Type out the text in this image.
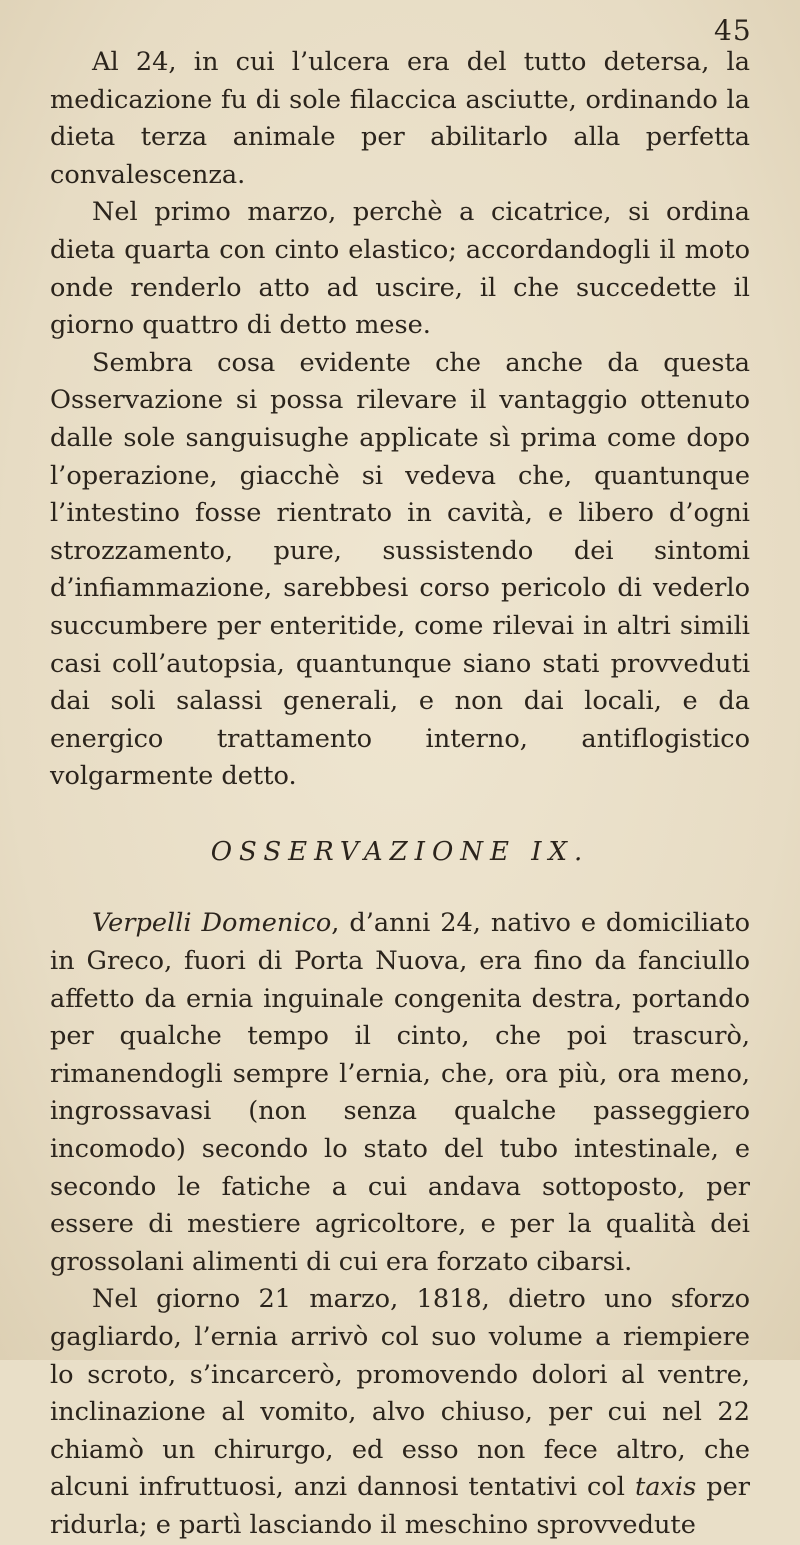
45

Al 24, in cui l’ulcera era del tutto detersa, la medicazione fu di sole filaccica asciutte, ordinando la dieta terza animale per abilitarlo alla perfetta convalescenza.

Nel primo marzo, perchè a cicatrice, si ordina dieta quarta con cinto elastico; accordandogli il moto onde renderlo atto ad uscire, il che succedette il giorno quattro di detto mese.

Sembra cosa evidente che anche da questa Osservazione si possa rilevare il vantaggio ottenuto dalle sole sanguisughe applicate sì prima come dopo l’operazione, giacchè si vedeva che, quantunque l’intestino fosse rientrato in cavità, e libero d’ogni strozzamento, pure, sussistendo dei sintomi d’infiammazione, sarebbesi corso pericolo di vederlo succumbere per enteritide, come rilevai in altri simili casi coll’autopsia, quantunque siano stati provveduti dai soli salassi generali, e non dai locali, e da energico trattamento interno, antiflogistico volgarmente detto.

OSSERVAZIONE IX.

Verpelli Domenico, d’anni 24, nativo e domiciliato in Greco, fuori di Porta Nuova, era fino da fanciullo affetto da ernia inguinale congenita destra, portando per qualche tempo il cinto, che poi trascurò, rimanendogli sempre l’ernia, che, ora più, ora meno, ingrossavasi (non senza qualche passeggiero incomodo) secondo lo stato del tubo intestinale, e secondo le fatiche a cui andava sottoposto, per essere di mestiere agricoltore, e per la qualità dei grossolani alimenti di cui era forzato cibarsi.

Nel giorno 21 marzo, 1818, dietro uno sforzo gagliardo, l’ernia arrivò col suo volume a riempiere lo scroto, s’incarcerò, promovendo dolori al ventre, inclinazione al vomito, alvo chiuso, per cui nel 22 chiamò un chirurgo, ed esso non fece altro, che alcuni infruttuosi, anzi dannosi tentativi col taxis per ridurla; e partì lasciando il meschino sprovvedute
